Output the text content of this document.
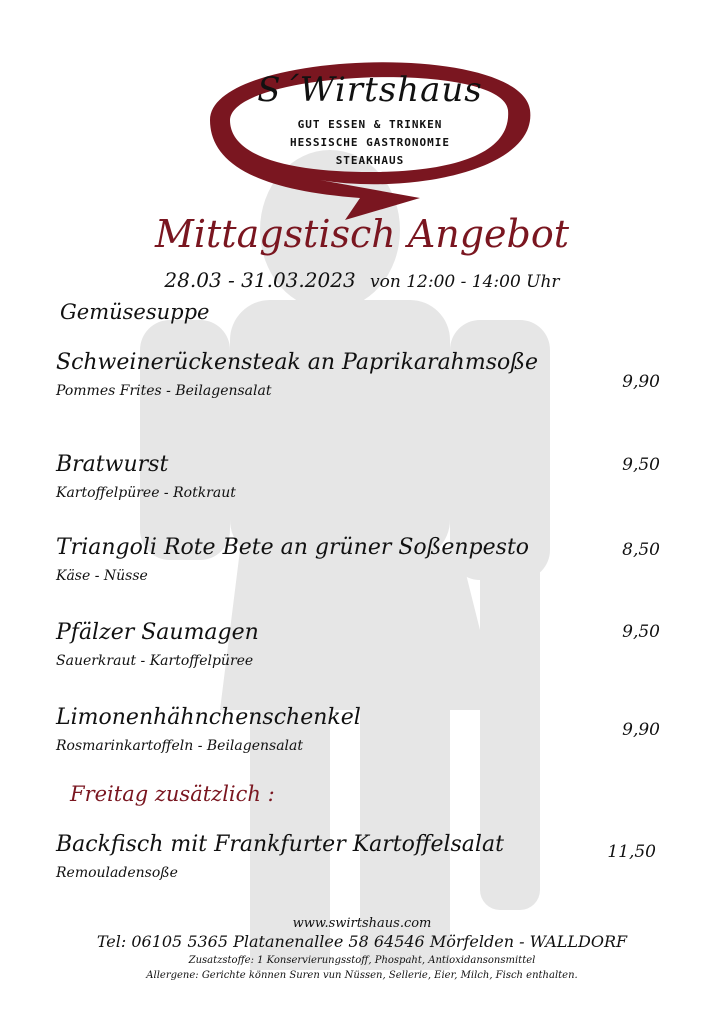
S´Wirtshaus
GUT ESSEN & TRINKEN
HESSISCHE GASTRONOMIE
STEAKHAUS
Mittagstisch Angebot
28.03 - 31.03.2023 von 12:00 - 14:00 Uhr
Gemüsesuppe
Schweinerückensteak an Paprikarahmsoße
Pommes Frites - Beilagensalat	9,90
Bratwurst
Kartoffelpüree - Rotkraut
9,50
Triangoli Rote Bete an grüner Soßenpesto
Käse - Nüsse
8,50
Pfälzer Saumagen
Sauerkraut - Kartoffelpüree
9,50
Limonenhähnchenschenkel
Rosmarinkartoffeln - Beilagensalat
9,90
Freitag zusätzlich :
Backfisch mit Frankfurter Kartoffelsalat
Remouladensoße
11,50
www.swirtshaus.com
Tel: 06105 5365 Platanenallee 58 64546 Mörfelden - WALLDORF
Zusatzstoffe: 1 Konservierungsstoff, Phospaht, Antioxidansonsmittel
Allergene: Gerichte können Suren vun Nüssen, Sellerie, Eier, Milch, Fisch enthalten.
